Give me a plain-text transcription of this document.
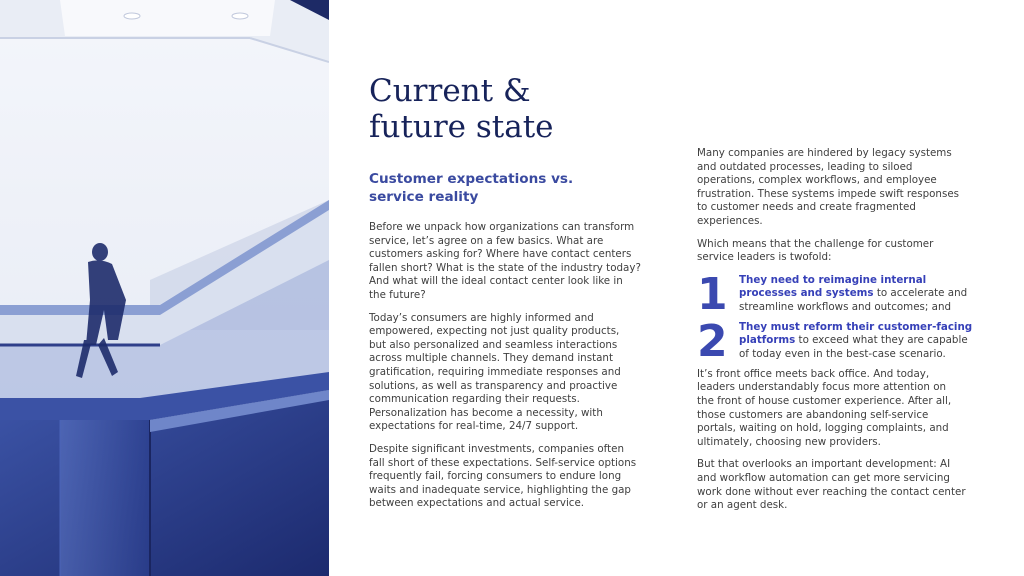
Current &
future state
Customer expectations vs.
service reality

Before we unpack how organizations can transform
service, let’s agree on a few basics. What are
customers asking for? Where have contact centers
fallen short? What is the state of the industry today?
And what will the ideal contact center look like in
the future?

Today’s consumers are highly informed and
empowered, expecting not just quality products,
but also personalized and seamless interactions
across multiple channels. They demand instant
gratification, requiring immediate responses and
solutions, as well as transparency and proactive
communication regarding their requests.
Personalization has become a necessity, with
expectations for real-time, 24/7 support.

Despite significant investments, companies often
fall short of these expectations. Self-service options
frequently fail, forcing consumers to endure long
waits and inadequate service, highlighting the gap
between expectations and actual service.

Many companies are hindered by legacy systems
and outdated processes, leading to siloed
operations, complex workflows, and employee
frustration. These systems impede swift responses
to customer needs and create fragmented
experiences.

Which means that the challenge for customer
service leaders is twofold:

1	They need to reimagine internal
processes and systems to accelerate and
streamline workflows and outcomes; and
2	They must reform their customer-facing
platforms to exceed what they are capable
of today even in the best-case scenario.

It’s front office meets back office. And today,
leaders understandably focus more attention on
the front of house customer experience. After all,
those customers are abandoning self-service
portals, waiting on hold, logging complaints, and
ultimately, choosing new providers.

But that overlooks an important development: AI
and workflow automation can get more servicing
work done without ever reaching the contact center
or an agent desk.
